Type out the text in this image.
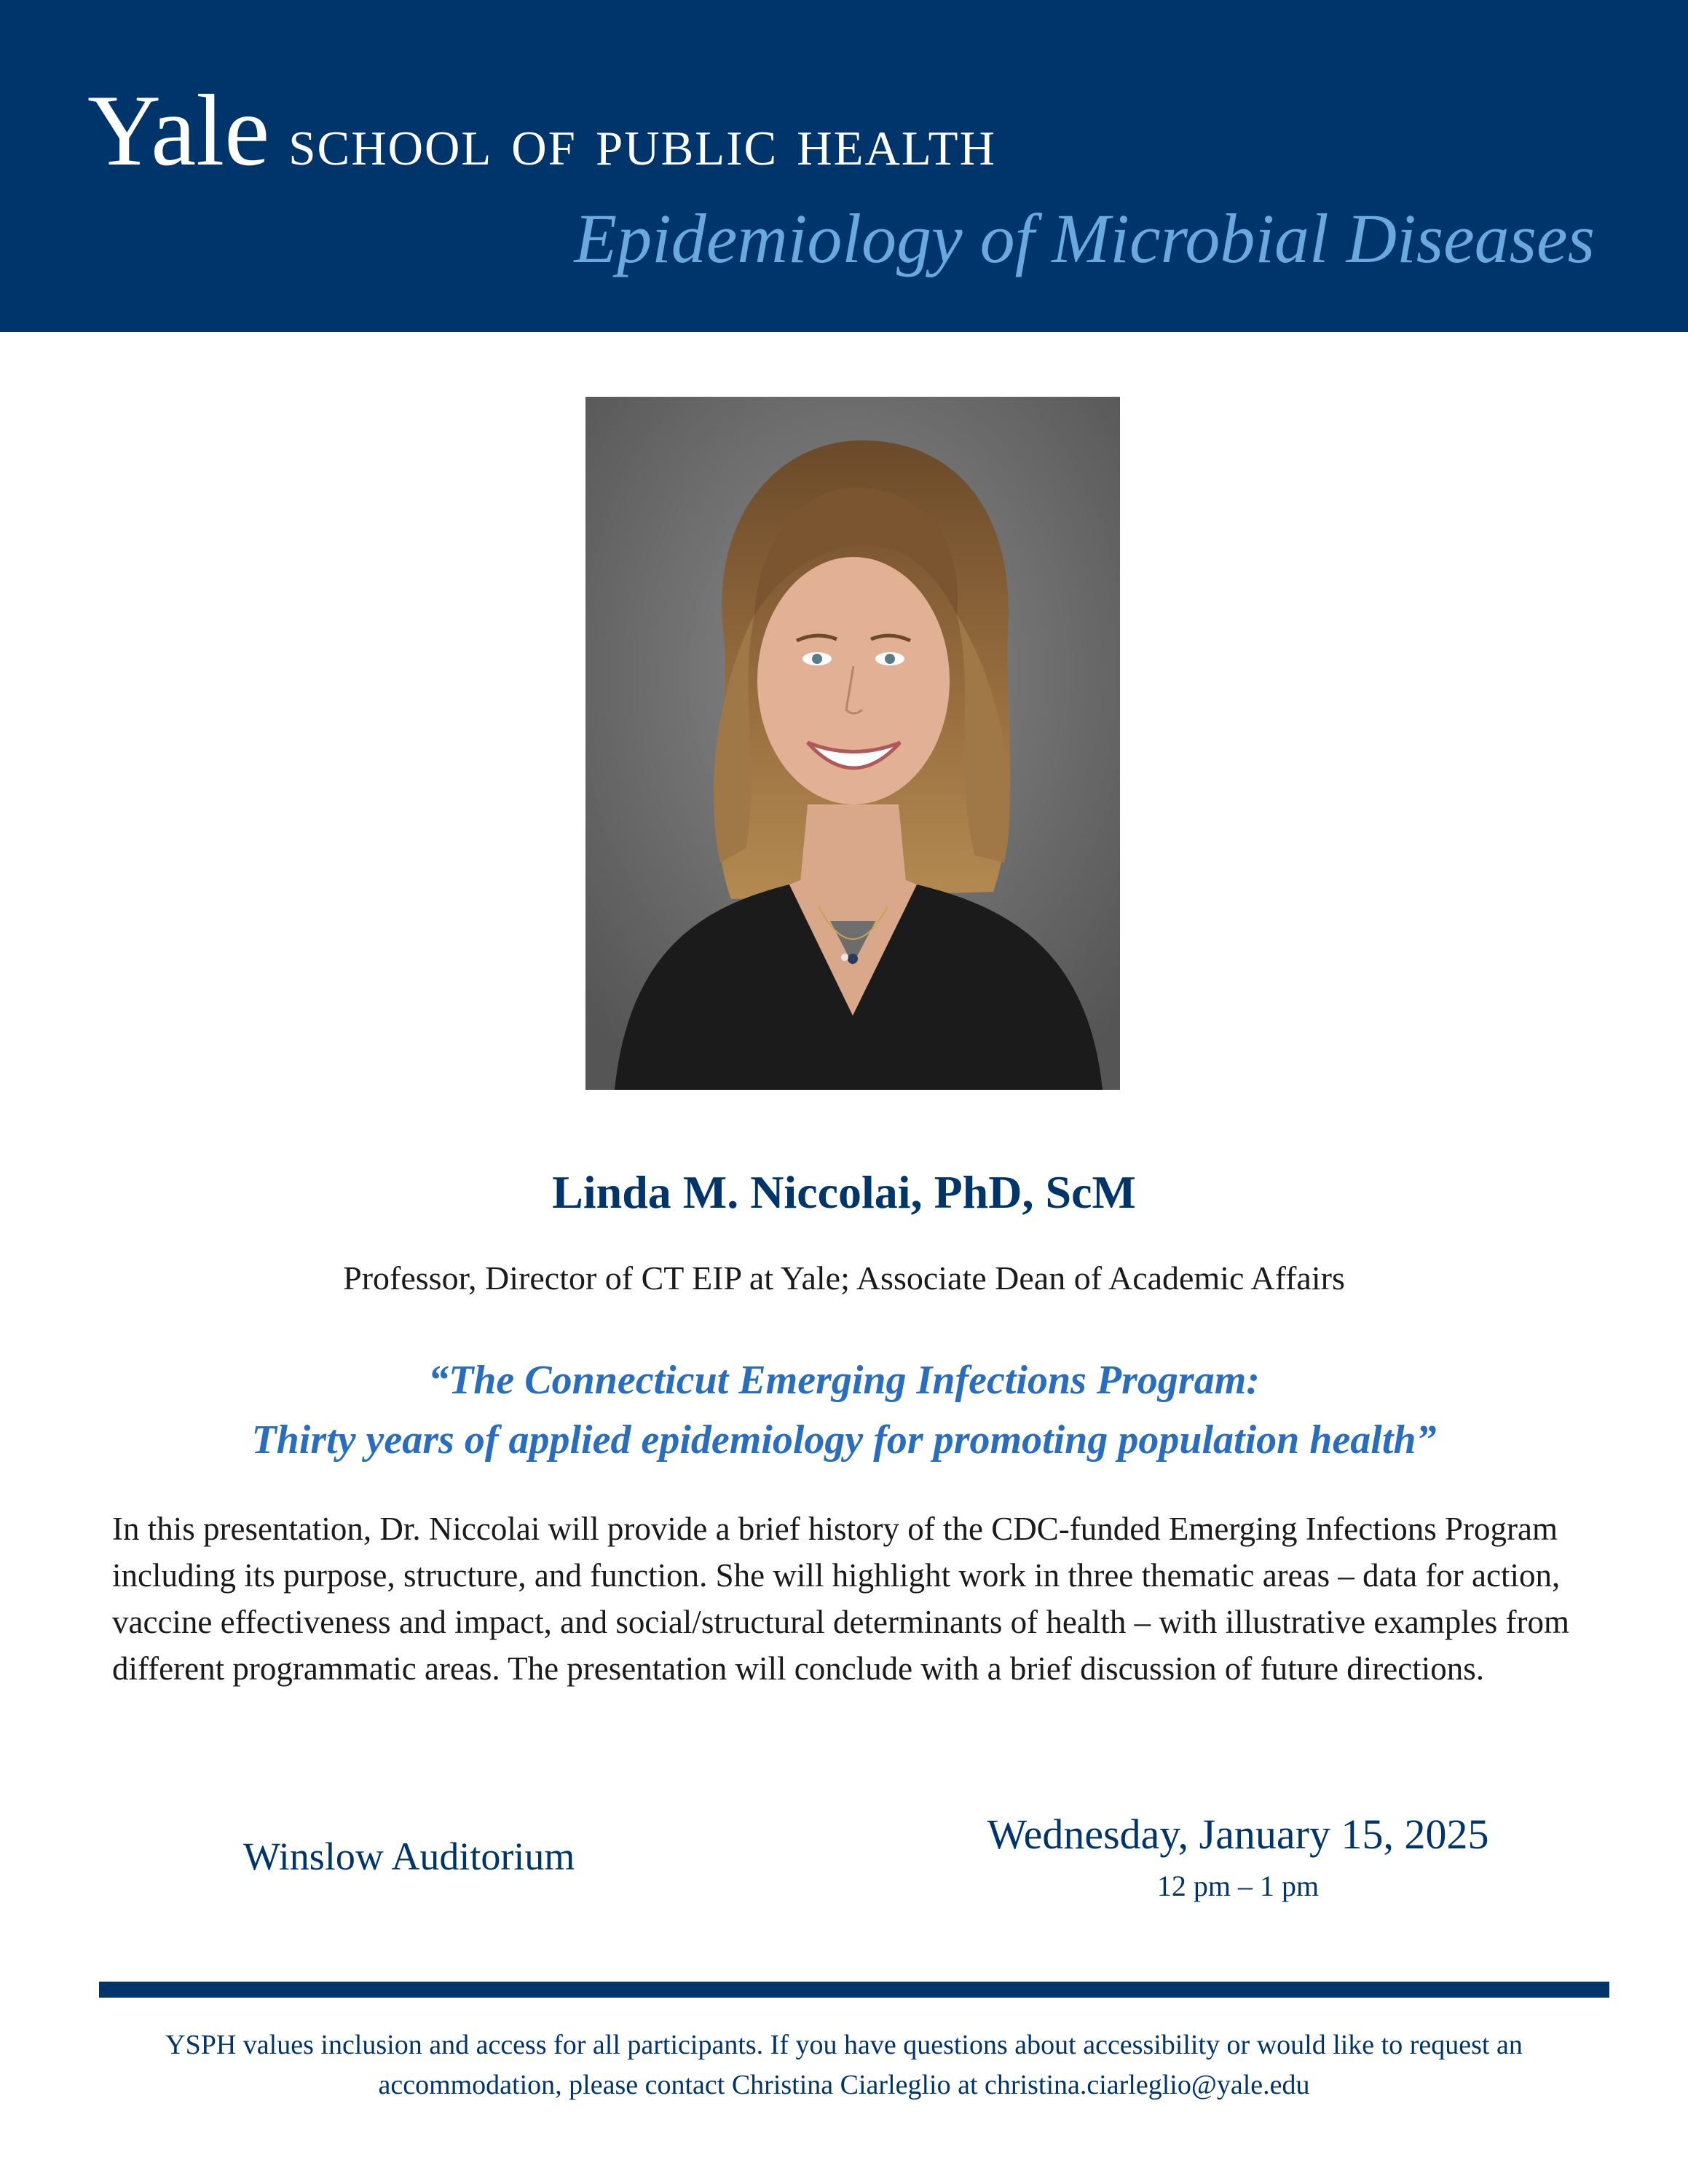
Yale school of public health
Epidemiology of Microbial Diseases
Linda M. Niccolai, PhD, ScM
Professor, Director of CT EIP at Yale; Associate Dean of Academic Affairs
“The Connecticut Emerging Infections Program:
Thirty years of applied epidemiology for promoting population health”

In this presentation, Dr. Niccolai will provide a brief history of the CDC-funded Emerging Infections Program including its purpose, structure, and function. She will highlight work in three thematic areas – data for action, vaccine effectiveness and impact, and social/structural determinants of health – with illustrative examples from different programmatic areas. The presentation will conclude with a brief discussion of future directions.

Winslow Auditorium	Wednesday, January 15, 2025
12 pm – 1 pm
YSPH values inclusion and access for all participants. If you have questions about accessibility or would like to request an accommodation, please contact Christina Ciarleglio at christina.ciarleglio@yale.edu
